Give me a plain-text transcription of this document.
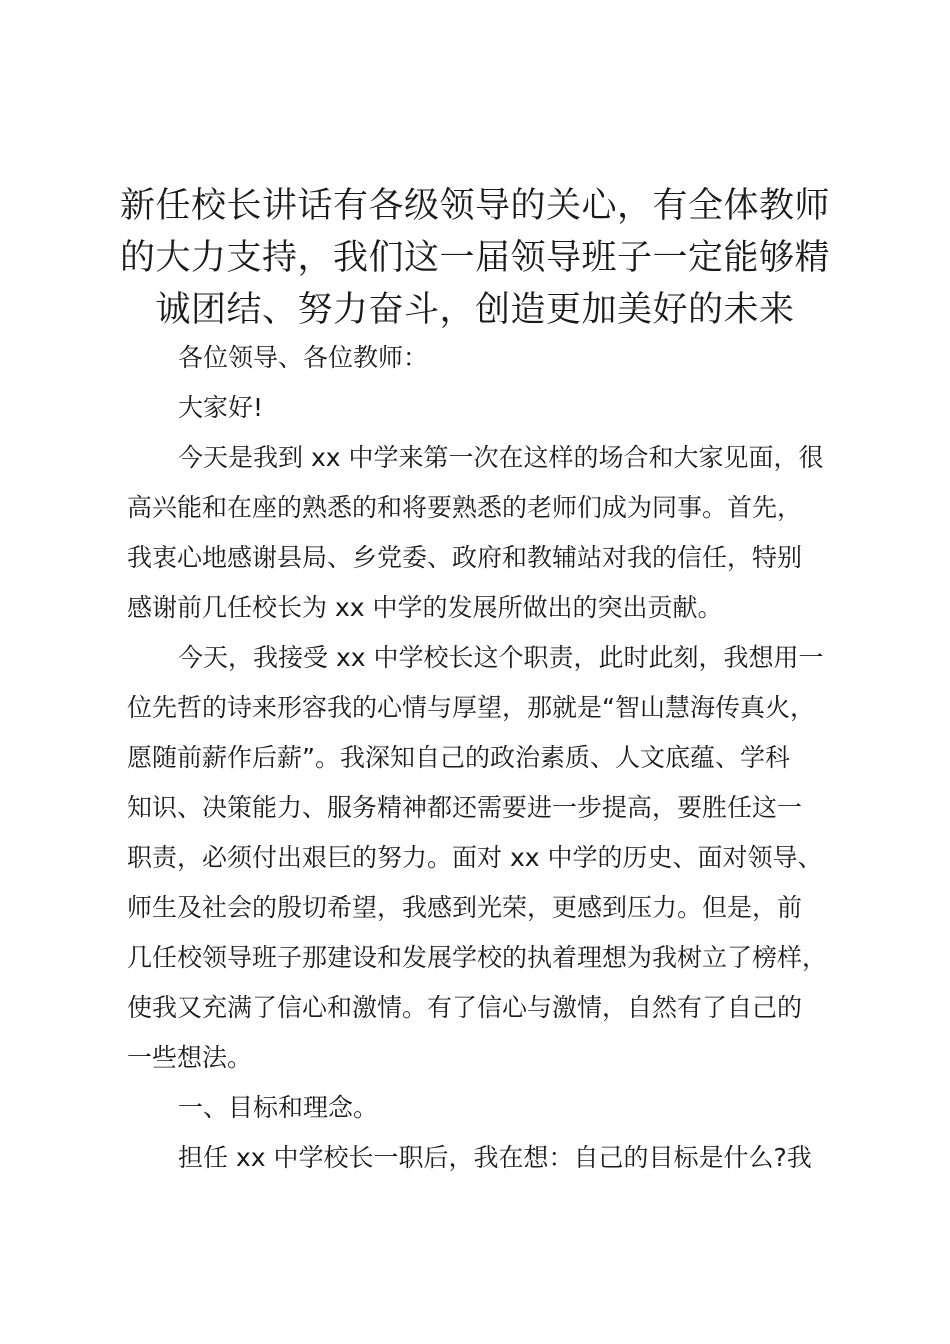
新任校长讲话有各级领导的关心，有全体教师
的大力支持，我们这一届领导班子一定能够精
诚团结、努力奋斗，创造更加美好的未来
各位领导、各位教师：
大家好!
今天是我到 xx 中学来第一次在这样的场合和大家见面，很
高兴能和在座的熟悉的和将要熟悉的老师们成为同事。首先，
我衷心地感谢县局、乡党委、政府和教辅站对我的信任，特别
感谢前几任校长为 xx 中学的发展所做出的突出贡献。
今天，我接受 xx 中学校长这个职责，此时此刻，我想用一
位先哲的诗来形容我的心情与厚望，那就是“智山慧海传真火，
愿随前薪作后薪”。我深知自己的政治素质、人文底蕴、学科
知识、决策能力、服务精神都还需要进一步提高，要胜任这一
职责，必须付出艰巨的努力。面对 xx 中学的历史、面对领导、
师生及社会的殷切希望，我感到光荣，更感到压力。但是，前
几任校领导班子那建设和发展学校的执着理想为我树立了榜样，
使我又充满了信心和激情。有了信心与激情，自然有了自己的
一些想法。
一、目标和理念。
担任 xx 中学校长一职后，我在想：自己的目标是什么?我
